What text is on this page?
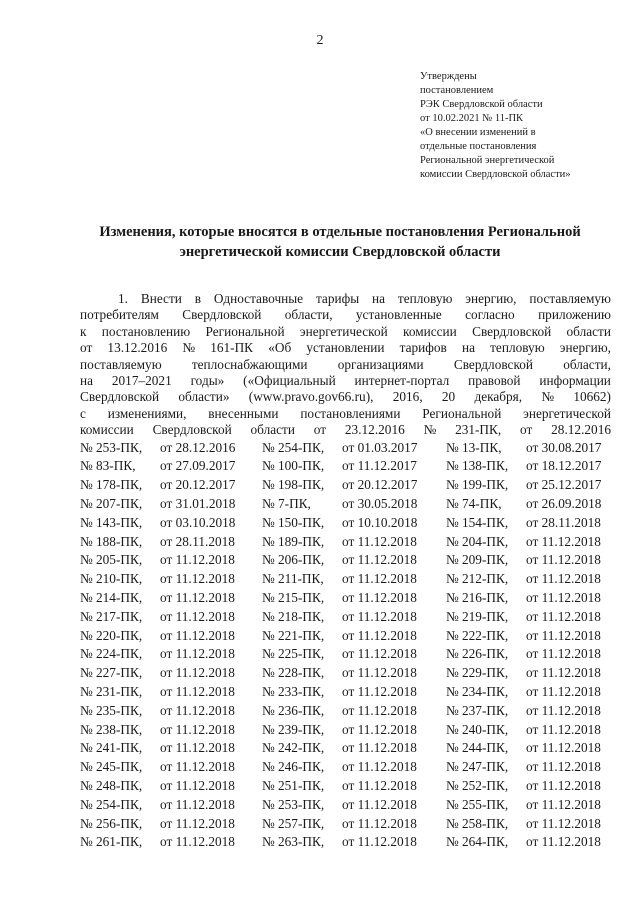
2
Утверждены
постановлением
РЭК Свердловской области
от 10.02.2021 № 11-ПК
«О внесении изменений в
отдельные постановления
Региональной энергетической
комиссии Свердловской области»
Изменения, которые вносятся в отдельные постановления Региональной
энергетической комиссии Свердловской области
1. Внести в Одноставочные тарифы на тепловую энергию, поставляемую
потребителям Свердловской области, установленные согласно приложению
к постановлению Региональной энергетической комиссии Свердловской области
от 13.12.2016 № 161-ПК «Об установлении тарифов на тепловую энергию,
поставляемую теплоснабжающими организациями Свердловской области,
на 2017–2021 годы» («Официальный интернет-портал правовой информации
Свердловской области» (www.pravo.gov66.ru), 2016, 20 декабря, № 10662)
с изменениями, внесенными постановлениями Региональной энергетической
комиссии Свердловской области от 23.12.2016 № 231-ПК, от 28.12.2016
№ 253-ПК,	от 28.12.2016	№ 254-ПК,	от 01.03.2017	№ 13-ПК,	от 30.08.2017
№ 83-ПК,	от 27.09.2017	№ 100-ПК,	от 11.12.2017	№ 138-ПК,	от 18.12.2017
№ 178-ПК,	от 20.12.2017	№ 198-ПК,	от 20.12.2017	№ 199-ПК,	от 25.12.2017
№ 207-ПК,	от 31.01.2018	№ 7-ПК,	от 30.05.2018	№ 74-ПК,	от 26.09.2018
№ 143-ПК,	от 03.10.2018	№ 150-ПК,	от 10.10.2018	№ 154-ПК,	от 28.11.2018
№ 188-ПК,	от 28.11.2018	№ 189-ПК,	от 11.12.2018	№ 204-ПК,	от 11.12.2018
№ 205-ПК,	от 11.12.2018	№ 206-ПК,	от 11.12.2018	№ 209-ПК,	от 11.12.2018
№ 210-ПК,	от 11.12.2018	№ 211-ПК,	от 11.12.2018	№ 212-ПК,	от 11.12.2018
№ 214-ПК,	от 11.12.2018	№ 215-ПК,	от 11.12.2018	№ 216-ПК,	от 11.12.2018
№ 217-ПК,	от 11.12.2018	№ 218-ПК,	от 11.12.2018	№ 219-ПК,	от 11.12.2018
№ 220-ПК,	от 11.12.2018	№ 221-ПК,	от 11.12.2018	№ 222-ПК,	от 11.12.2018
№ 224-ПК,	от 11.12.2018	№ 225-ПК,	от 11.12.2018	№ 226-ПК,	от 11.12.2018
№ 227-ПК,	от 11.12.2018	№ 228-ПК,	от 11.12.2018	№ 229-ПК,	от 11.12.2018
№ 231-ПК,	от 11.12.2018	№ 233-ПК,	от 11.12.2018	№ 234-ПК,	от 11.12.2018
№ 235-ПК,	от 11.12.2018	№ 236-ПК,	от 11.12.2018	№ 237-ПК,	от 11.12.2018
№ 238-ПК,	от 11.12.2018	№ 239-ПК,	от 11.12.2018	№ 240-ПК,	от 11.12.2018
№ 241-ПК,	от 11.12.2018	№ 242-ПК,	от 11.12.2018	№ 244-ПК,	от 11.12.2018
№ 245-ПК,	от 11.12.2018	№ 246-ПК,	от 11.12.2018	№ 247-ПК,	от 11.12.2018
№ 248-ПК,	от 11.12.2018	№ 251-ПК,	от 11.12.2018	№ 252-ПК,	от 11.12.2018
№ 254-ПК,	от 11.12.2018	№ 253-ПК,	от 11.12.2018	№ 255-ПК,	от 11.12.2018
№ 256-ПК,	от 11.12.2018	№ 257-ПК,	от 11.12.2018	№ 258-ПК,	от 11.12.2018
№ 261-ПК,	от 11.12.2018	№ 263-ПК,	от 11.12.2018	№ 264-ПК,	от 11.12.2018
